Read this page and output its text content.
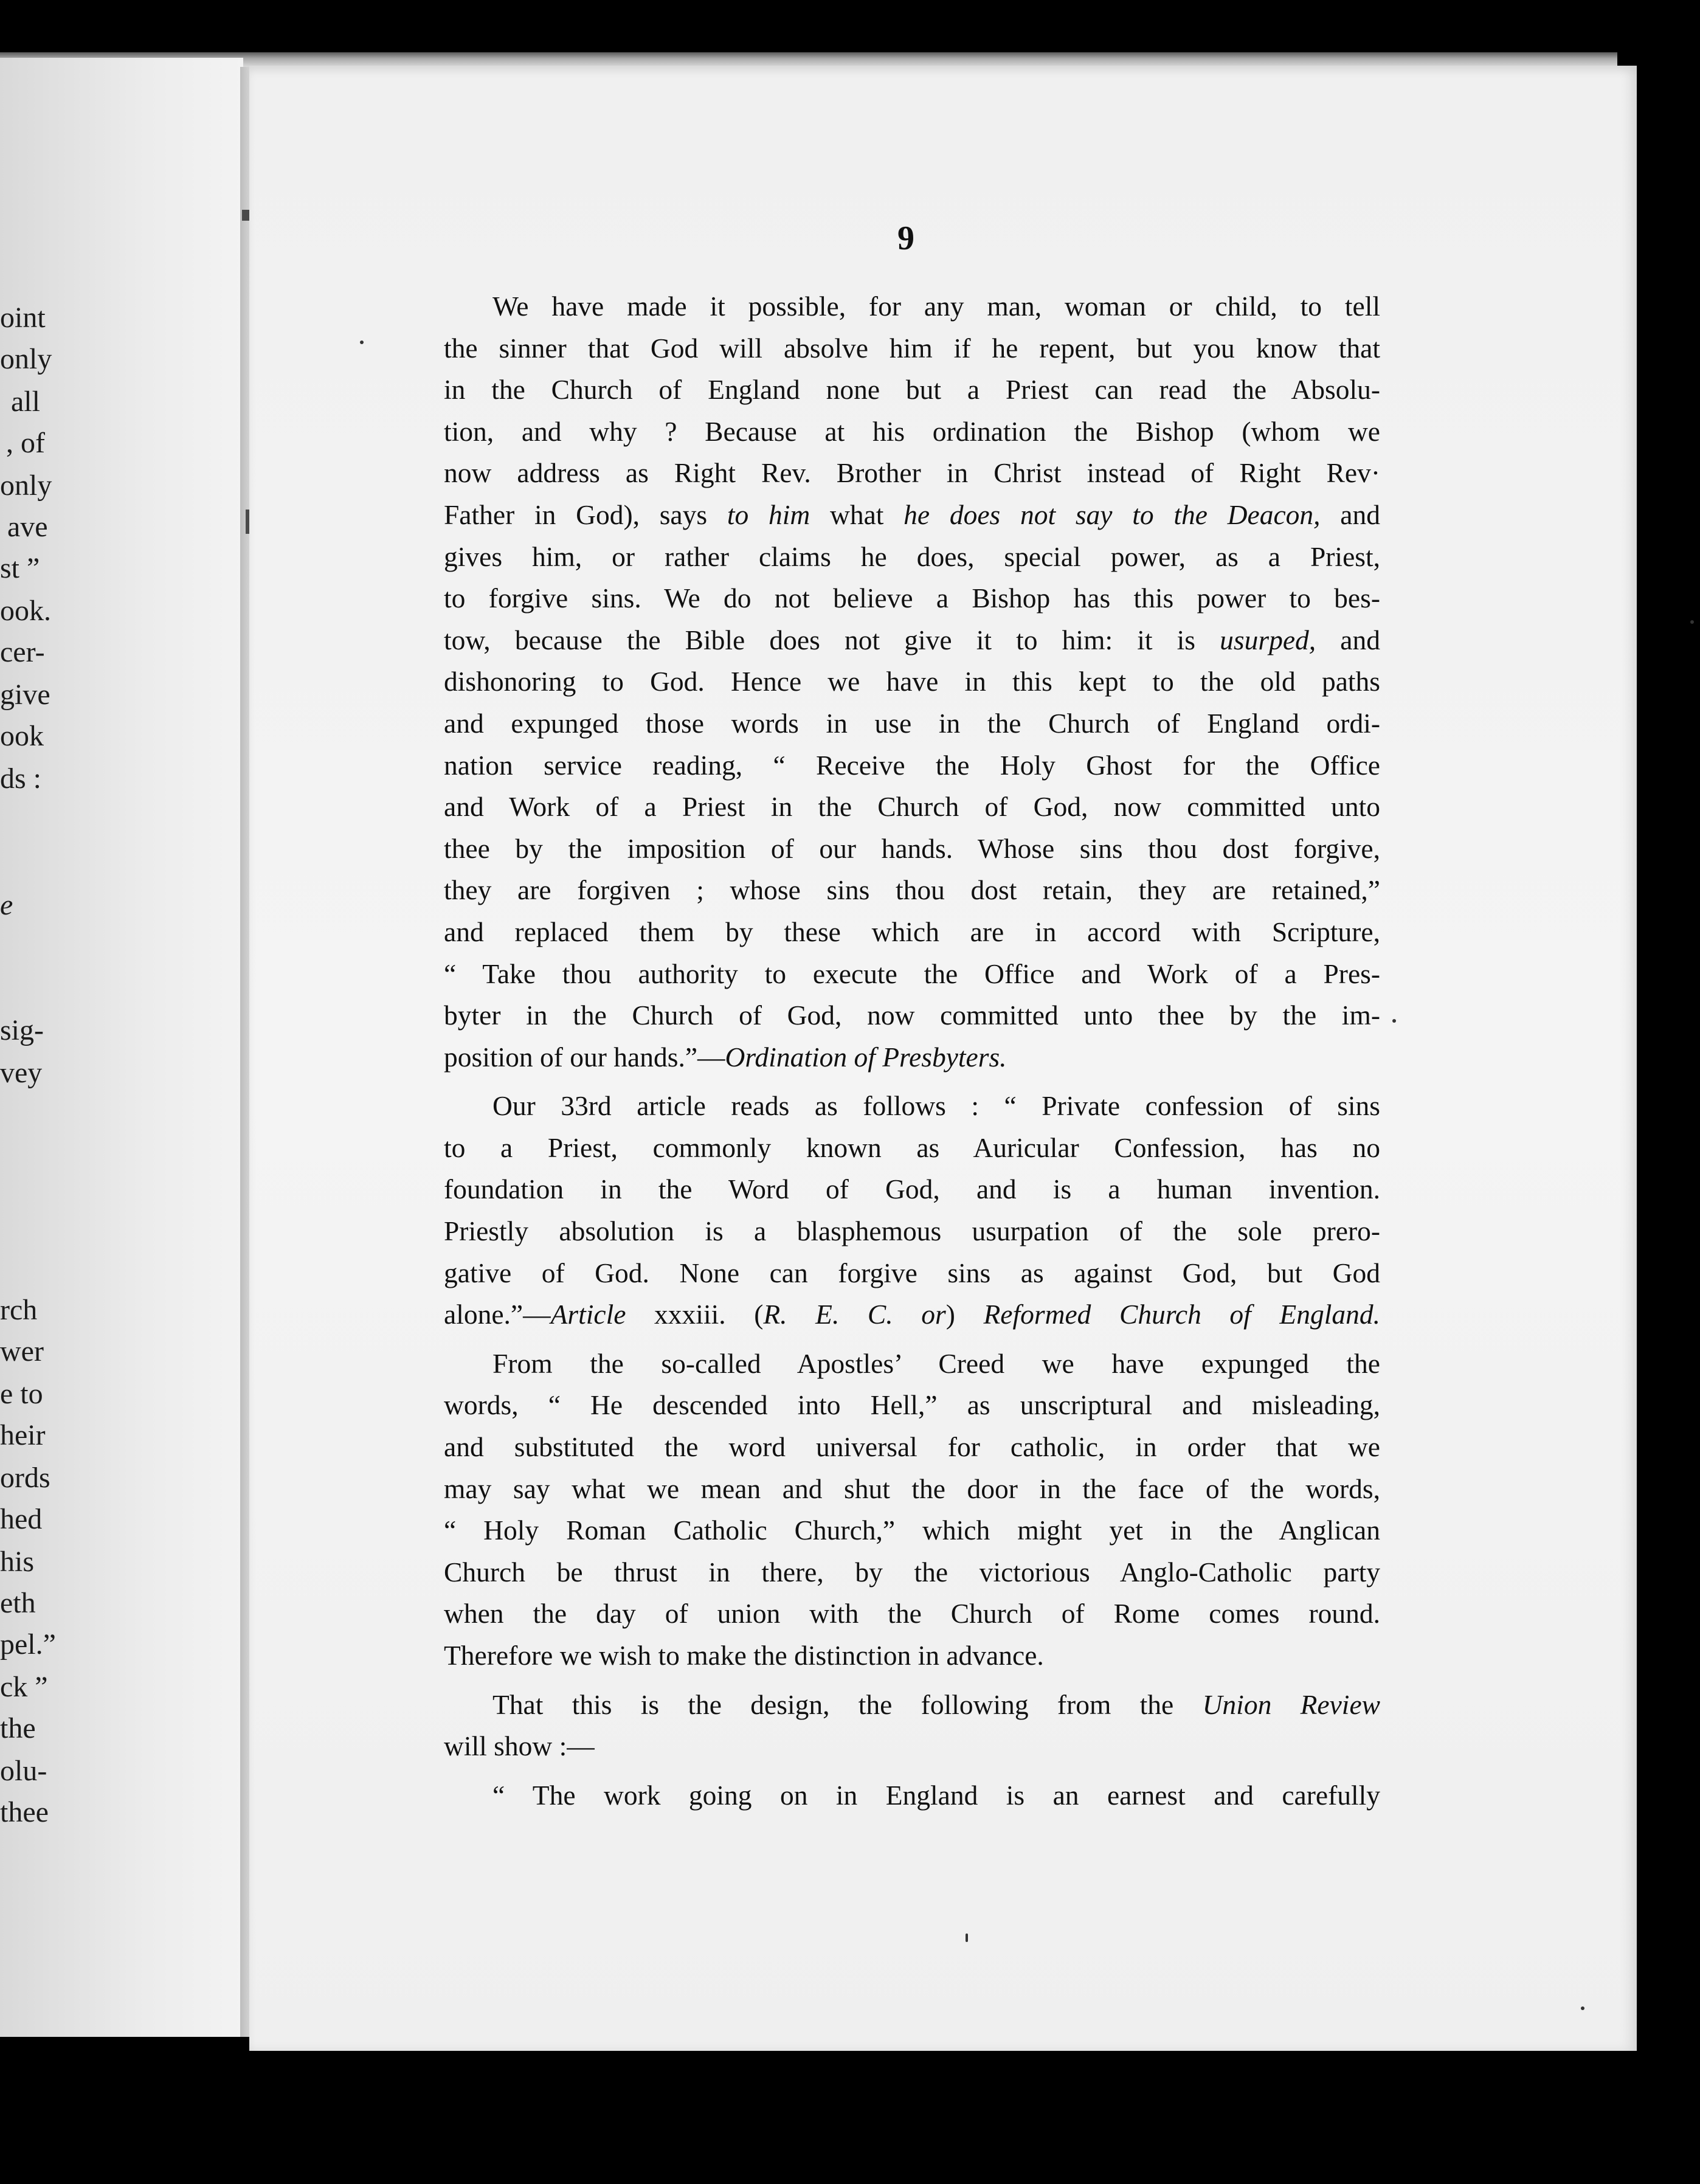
oint
only
all
, of
only
ave
st ”
ook.
cer-
give
ook
ds :
e
sig-
vey
rch
wer
e to
heir
ords
hed
his
eth
pel.”
ck ”
the
olu-
thee
9
We have made it possible, for any man, woman or child, to tell
the sinner that God will absolve him if he repent, but you know that
in the Church of England none but a Priest can read the Absolu-
tion, and why ? Because at his ordination the Bishop (whom we
now address as Right Rev. Brother in Christ instead of Right Rev·
Father in God), says to him what he does not say to the Deacon, and
gives him, or rather claims he does, special power, as a Priest,
to forgive sins. We do not believe a Bishop has this power to bes-
tow, because the Bible does not give it to him: it is usurped, and
dishonoring to God. Hence we have in this kept to the old paths
and expunged those words in use in the Church of England ordi-
nation service reading, “ Receive the Holy Ghost for the Office
and Work of a Priest in the Church of God, now committed unto
thee by the imposition of our hands. Whose sins thou dost forgive,
they are forgiven ; whose sins thou dost retain, they are retained,”
and replaced them by these which are in accord with Scripture,
“ Take thou authority to execute the Office and Work of a Pres-
byter in the Church of God, now committed unto thee by the im-
position of our hands.”—Ordination of Presbyters.
Our 33rd article reads as follows : “ Private confession of sins
to a Priest, commonly known as Auricular Confession, has no
foundation in the Word of God, and is a human invention.
Priestly absolution is a blasphemous usurpation of the sole prero-
gative of God. None can forgive sins as against God, but God
alone.”—Article xxxiii. (R. E. C. or) Reformed Church of England.
From the so-called Apostles’ Creed we have expunged the
words, “ He descended into Hell,” as unscriptural and misleading,
and substituted the word universal for catholic, in order that we
may say what we mean and shut the door in the face of the words,
“ Holy Roman Catholic Church,” which might yet in the Anglican
Church be thrust in there, by the victorious Anglo-Catholic party
when the day of union with the Church of Rome comes round.
Therefore we wish to make the distinction in advance.
That this is the design, the following from the Union Review
will show :—
“ The work going on in England is an earnest and carefully
